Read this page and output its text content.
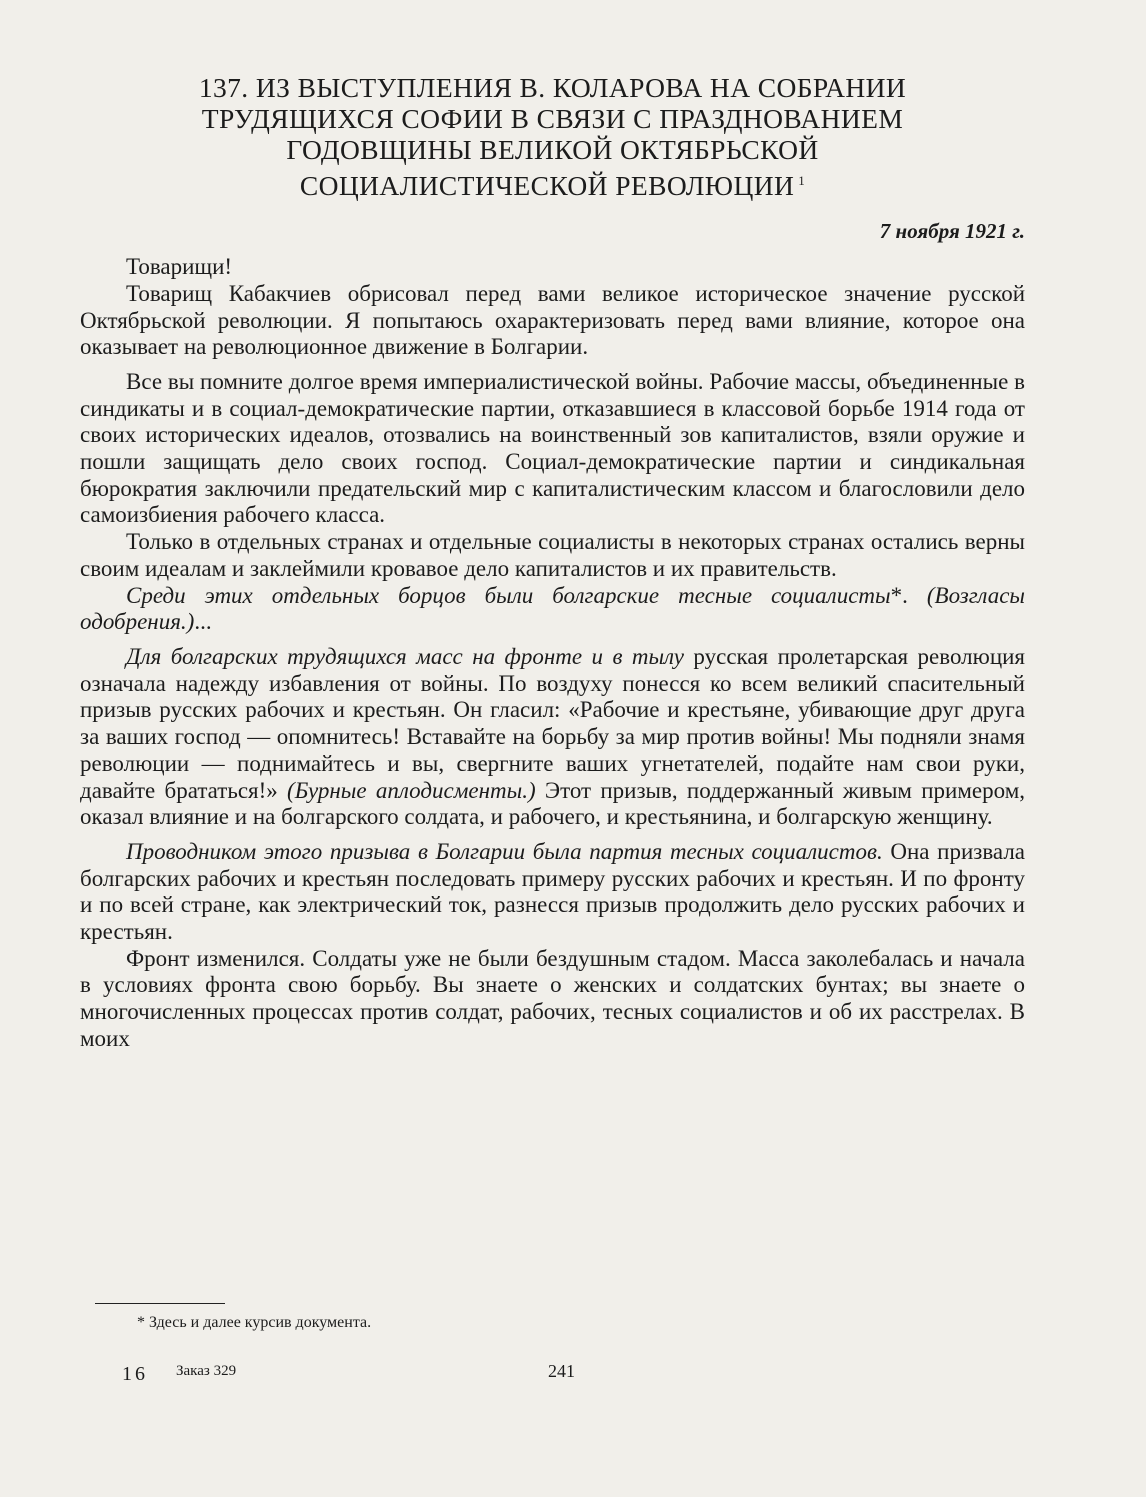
137. ИЗ ВЫСТУПЛЕНИЯ В. КОЛАРОВА НА СОБРАНИИ
ТРУДЯЩИХСЯ СОФИИ В СВЯЗИ С ПРАЗДНОВАНИЕМ
ГОДОВЩИНЫ ВЕЛИКОЙ ОКТЯБРЬСКОЙ
СОЦИАЛИСТИЧЕСКОЙ РЕВОЛЮЦИИ $^1$
7 ноября 1921 г.

Товарищи!

Товарищ Кабакчиев обрисовал перед вами великое историческое значение русской Октябрьской революции. Я попытаюсь охарактеризовать перед вами влияние, которое она оказывает на революционное движение в Болгарии.

Все вы помните долгое время империалистической войны. Рабочие массы, объединенные в синдикаты и в социал-демократические партии, отказавшиеся в классовой борьбе 1914 года от своих исторических идеалов, отозвались на воинственный зов капиталистов, взяли оружие и пошли защищать дело своих господ. Социал-демократические партии и синдикальная бюрократия заключили предательский мир с капиталистическим классом и благословили дело самоизбиения рабочего класса.

Только в отдельных странах и отдельные социалисты в некоторых странах остались верны своим идеалам и заклеймили кровавое дело капиталистов и их правительств.

Среди этих отдельных борцов были болгарские тесные социалисты*. (Возгласы одобрения.)...

Для болгарских трудящихся масс на фронте и в тылу русская пролетарская революция означала надежду избавления от войны. По воздуху понесся ко всем великий спасительный призыв русских рабочих и крестьян. Он гласил: «Рабочие и крестьяне, убивающие друг друга за ваших господ — опомнитесь! Вставайте на борьбу за мир против войны! Мы подняли знамя революции — поднимайтесь и вы, свергните ваших угнетателей, подайте нам свои руки, давайте брататься!» (Бурные аплодисменты.) Этот призыв, поддержанный живым примером, оказал влияние и на болгарского солдата, и рабочего, и крестьянина, и болгарскую женщину.

Проводником этого призыва в Болгарии была партия тесных социалистов. Она призвала болгарских рабочих и крестьян последовать примеру русских рабочих и крестьян. И по фронту и по всей стране, как электрический ток, разнесся призыв продолжить дело русских рабочих и крестьян.

Фронт изменился. Солдаты уже не были бездушным стадом. Масса заколебалась и начала в условиях фронта свою борьбу. Вы знаете о женских и солдатских бунтах; вы знаете о многочисленных процессах против солдат, рабочих, тесных социалистов и об их расстрелах. В моих

* Здесь и далее курсив документа.
16 Заказ 329	241
